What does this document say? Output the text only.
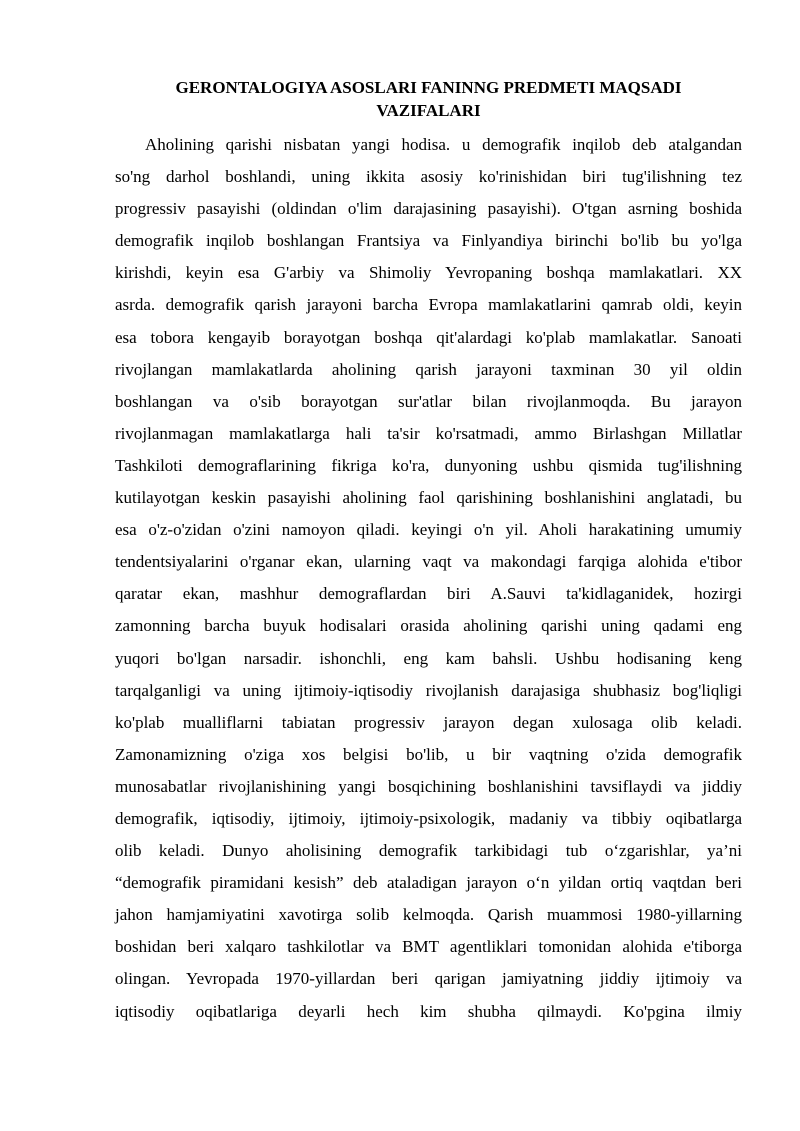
GERONTALOGIYA ASOSLARI FANINNG PREDMETI MAQSADI
VAZIFALARI
Aholining qarishi nisbatan yangi hodisa. u demografik inqilob deb atalgandan
so'ng darhol boshlandi, uning ikkita asosiy ko'rinishidan biri tug'ilishning tez
progressiv pasayishi (oldindan o'lim darajasining pasayishi). O'tgan asrning boshida
demografik inqilob boshlangan Frantsiya va Finlyandiya birinchi bo'lib bu yo'lga
kirishdi, keyin esa G'arbiy va Shimoliy Yevropaning boshqa mamlakatlari. XX
asrda. demografik qarish jarayoni barcha Evropa mamlakatlarini qamrab oldi, keyin
esa tobora kengayib borayotgan boshqa qit'alardagi ko'plab mamlakatlar. Sanoati
rivojlangan mamlakatlarda aholining qarish jarayoni taxminan 30 yil oldin
boshlangan va o'sib borayotgan sur'atlar bilan rivojlanmoqda. Bu jarayon
rivojlanmagan mamlakatlarga hali ta'sir ko'rsatmadi, ammo Birlashgan Millatlar
Tashkiloti demograflarining fikriga ko'ra, dunyoning ushbu qismida tug'ilishning
kutilayotgan keskin pasayishi aholining faol qarishining boshlanishini anglatadi, bu
esa o'z-o'zidan o'zini namoyon qiladi. keyingi o'n yil. Aholi harakatining umumiy
tendentsiyalarini o'rganar ekan, ularning vaqt va makondagi farqiga alohida e'tibor
qaratar ekan, mashhur demograflardan biri A.Sauvi ta'kidlaganidek, hozirgi
zamonning barcha buyuk hodisalari orasida aholining qarishi uning qadami eng
yuqori bo'lgan narsadir. ishonchli, eng kam bahsli. Ushbu hodisaning keng
tarqalganligi va uning ijtimoiy-iqtisodiy rivojlanish darajasiga shubhasiz bog'liqligi
ko'plab mualliflarni tabiatan progressiv jarayon degan xulosaga olib keladi.
Zamonamizning o'ziga xos belgisi bo'lib, u bir vaqtning o'zida demografik
munosabatlar rivojlanishining yangi bosqichining boshlanishini tavsiflaydi va jiddiy
demografik, iqtisodiy, ijtimoiy, ijtimoiy-psixologik, madaniy va tibbiy oqibatlarga
olib keladi. Dunyo aholisining demografik tarkibidagi tub o‘zgarishlar, ya’ni
“demografik piramidani kesish” deb ataladigan jarayon o‘n yildan ortiq vaqtdan beri
jahon hamjamiyatini xavotirga solib kelmoqda. Qarish muammosi 1980-yillarning
boshidan beri xalqaro tashkilotlar va BMT agentliklari tomonidan alohida e'tiborga
olingan. Yevropada 1970-yillardan beri qarigan jamiyatning jiddiy ijtimoiy va
iqtisodiy oqibatlariga deyarli hech kim shubha qilmaydi. Ko'pgina ilmiy
